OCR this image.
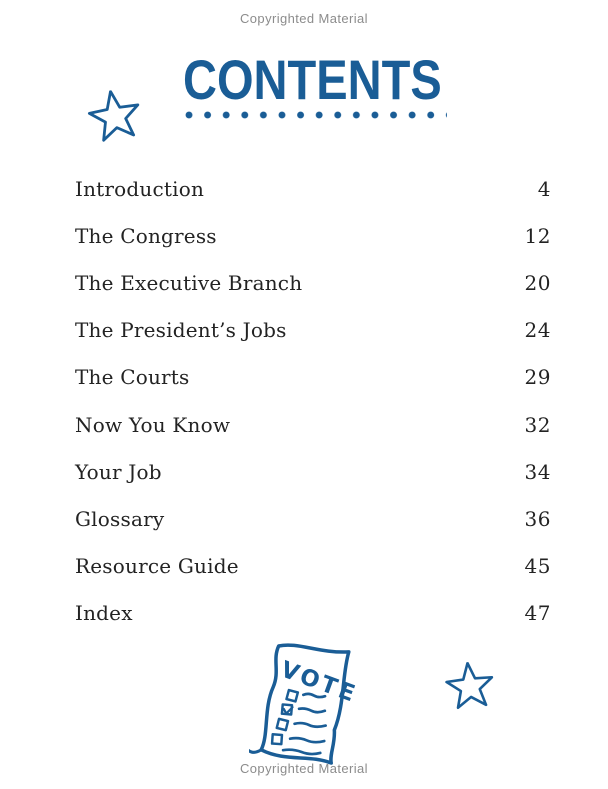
Copyrighted Material
CONTENTS
Introduction	4
The Congress	12
The Executive Branch	20
The President’s Jobs	24
The Courts	29
Now You Know	32
Your Job	34
Glossary	36
Resource Guide	45
Index	47
VOTE
Copyrighted Material
